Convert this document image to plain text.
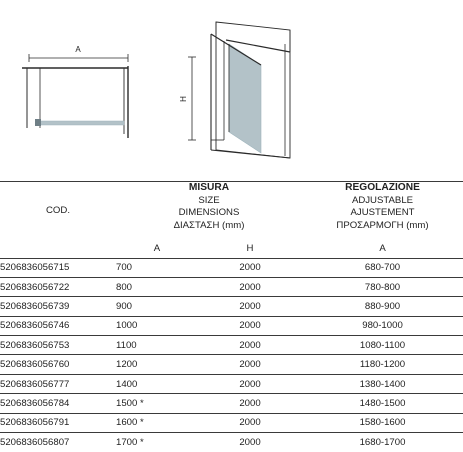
A
H
COD.	MISURA
SIZE
DIMENSIONS
ΔΙΑΣΤΑΣΗ (mm)		REGOLAZIONE
ADJUSTABLE
AJUSTEMENT
ΠΡΟΣΑΡΜΟΓΗ (mm)

	A	H	A
5206836056715	700	2000	680-700
5206836056722	800	2000	780-800
5206836056739	900	2000	880-900
5206836056746	1000	2000	980-1000
5206836056753	1100	2000	1080-1100
5206836056760	1200	2000	1180-1200
5206836056777	1400	2000	1380-1400
5206836056784	1500 *	2000	1480-1500
5206836056791	1600 *	2000	1580-1600
5206836056807	1700 *	2000	1680-1700
